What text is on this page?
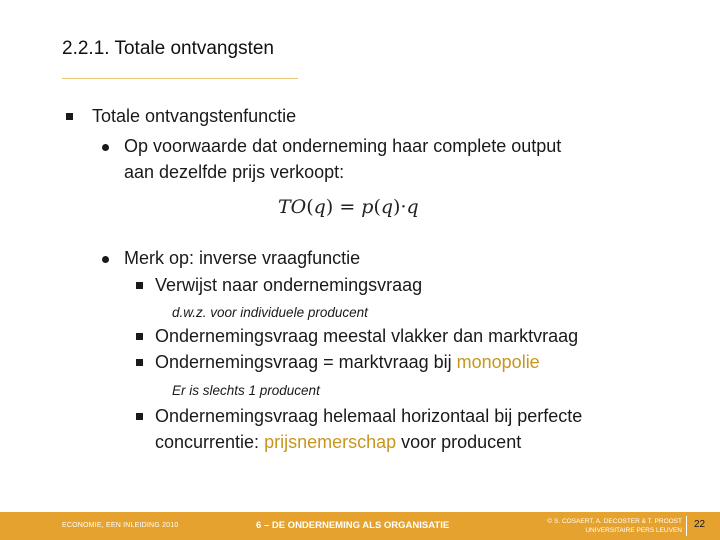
2.2.1. Totale ontvangsten
Totale ontvangstenfunctie
Op voorwaarde dat onderneming haar complete output
aan dezelfde prijs verkoopt:
TO(q) = p(q)·q
Merk op: inverse vraagfunctie
Verwijst naar ondernemingsvraag
d.w.z. voor individuele producent
Ondernemingsvraag meestal vlakker dan marktvraag
Ondernemingsvraag = marktvraag bij monopolie
Er is slechts 1 producent
Ondernemingsvraag helemaal horizontaal bij perfecte
concurrentie: prijsnemerschap voor producent
ECONOMIE, EEN INLEIDING 2010	6 – DE ONDERNEMING ALS ORGANISATIE	© S. COSAERT, A. DECOSTER & T. PROOST
UNIVERSITAIRE PERS LEUVEN
22
